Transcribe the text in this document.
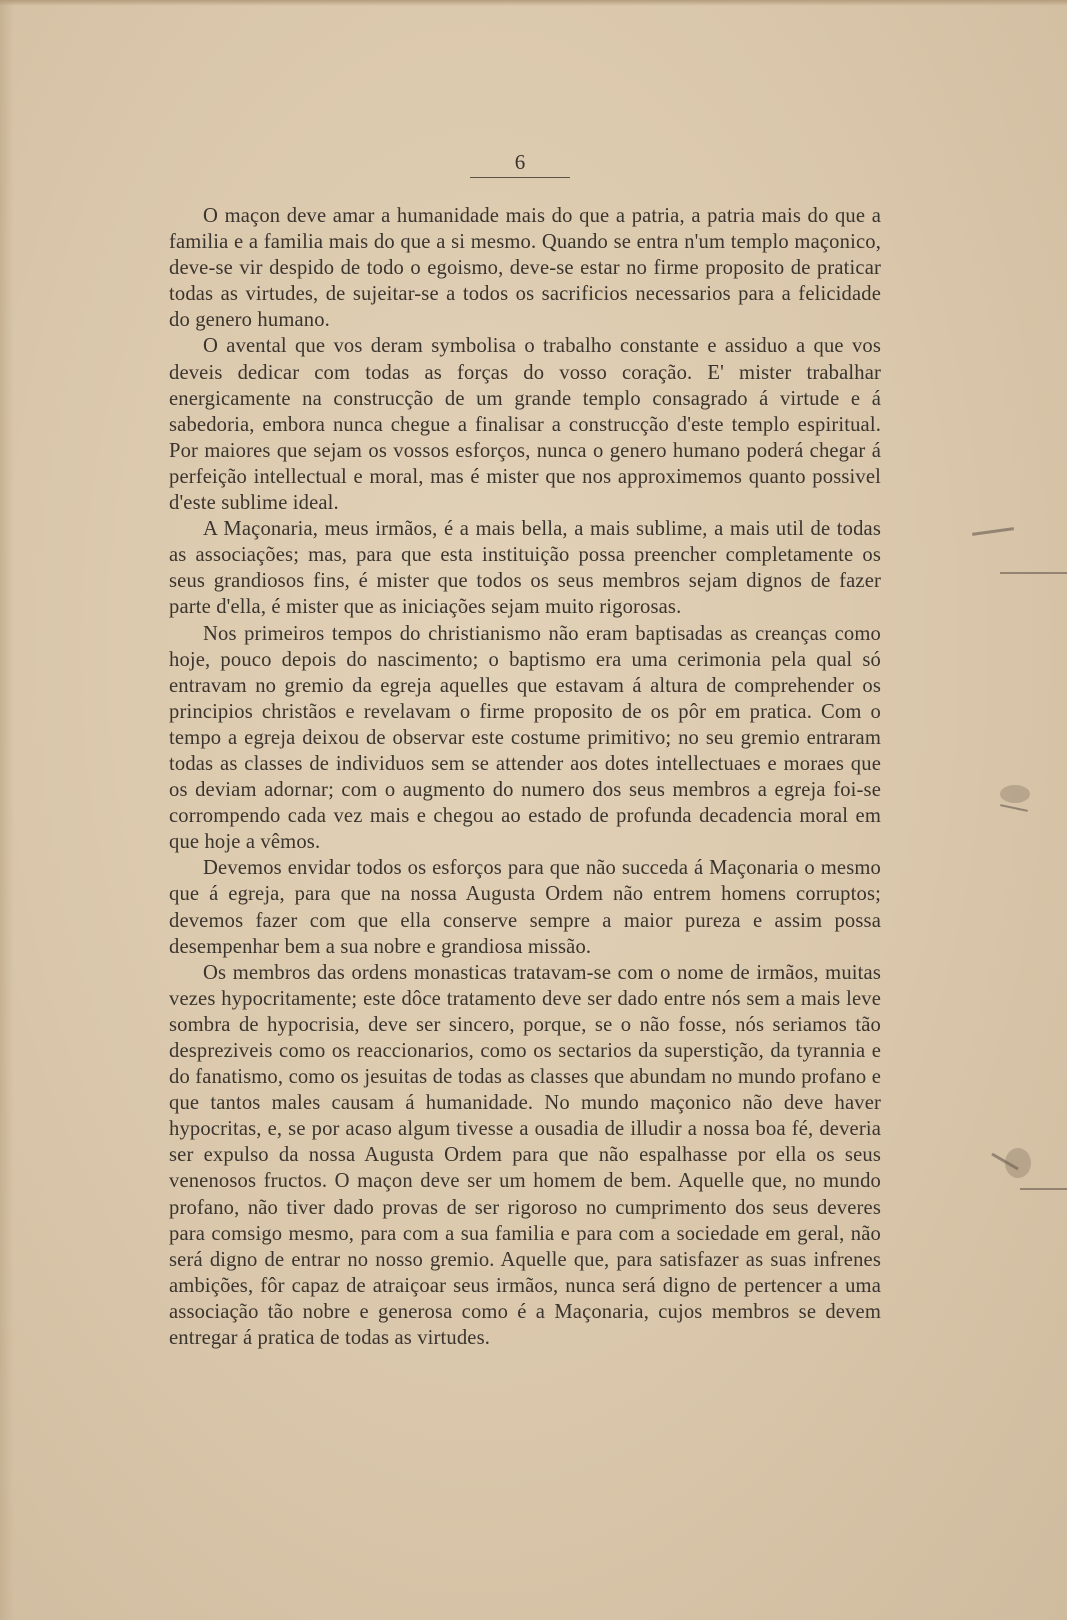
6

O maçon deve amar a humanidade mais do que a patria, a patria mais do que a familia e a familia mais do que a si mesmo. Quando se entra n'um templo maçonico, deve-se vir despido de todo o egoismo, deve-se estar no firme proposito de praticar todas as virtudes, de sujeitar-se a todos os sacrificios necessarios para a felicidade do genero humano.

O avental que vos deram symbolisa o trabalho constante e assiduo a que vos deveis dedicar com todas as forças do vosso coração. E' mister trabalhar energicamente na construcção de um grande templo consagrado á virtude e á sabedoria, embora nunca chegue a finalisar a construcção d'este templo espiritual. Por maiores que sejam os vossos esforços, nunca o genero humano poderá chegar á perfeição intellectual e moral, mas é mister que nos approximemos quanto possivel d'este sublime ideal.

A Maçonaria, meus irmãos, é a mais bella, a mais sublime, a mais util de todas as associações; mas, para que esta instituição possa preencher completamente os seus grandiosos fins, é mister que todos os seus membros sejam dignos de fazer parte d'ella, é mister que as iniciações sejam muito rigorosas.

Nos primeiros tempos do christianismo não eram baptisadas as creanças como hoje, pouco depois do nascimento; o baptismo era uma cerimonia pela qual só entravam no gremio da egreja aquelles que estavam á altura de comprehender os principios christãos e revelavam o firme proposito de os pôr em pratica. Com o tempo a egreja deixou de observar este costume primitivo; no seu gremio entraram todas as classes de individuos sem se attender aos dotes intellectuaes e moraes que os deviam adornar; com o augmento do numero dos seus membros a egreja foi-se corrompendo cada vez mais e chegou ao estado de profunda decadencia moral em que hoje a vêmos.

Devemos envidar todos os esforços para que não succeda á Maçonaria o mesmo que á egreja, para que na nossa Augusta Ordem não entrem homens corruptos; devemos fazer com que ella conserve sempre a maior pureza e assim possa desempenhar bem a sua nobre e grandiosa missão.

Os membros das ordens monasticas tratavam-se com o nome de irmãos, muitas vezes hypocritamente; este dôce tratamento deve ser dado entre nós sem a mais leve sombra de hypocrisia, deve ser sincero, porque, se o não fosse, nós seriamos tão despreziveis como os reaccionarios, como os sectarios da superstição, da tyrannia e do fanatismo, como os jesuitas de todas as classes que abundam no mundo profano e que tantos males causam á humanidade. No mundo maçonico não deve haver hypocritas, e, se por acaso algum tivesse a ousadia de illudir a nossa boa fé, deveria ser expulso da nossa Augusta Ordem para que não espalhasse por ella os seus venenosos fructos. O maçon deve ser um homem de bem. Aquelle que, no mundo profano, não tiver dado provas de ser rigoroso no cumprimento dos seus deveres para comsigo mesmo, para com a sua familia e para com a sociedade em geral, não será digno de entrar no nosso gremio. Aquelle que, para satisfazer as suas infrenes ambições, fôr capaz de atraiçoar seus irmãos, nunca será digno de pertencer a uma associação tão nobre e generosa como é a Maçonaria, cujos membros se devem entregar á pratica de todas as virtudes.
